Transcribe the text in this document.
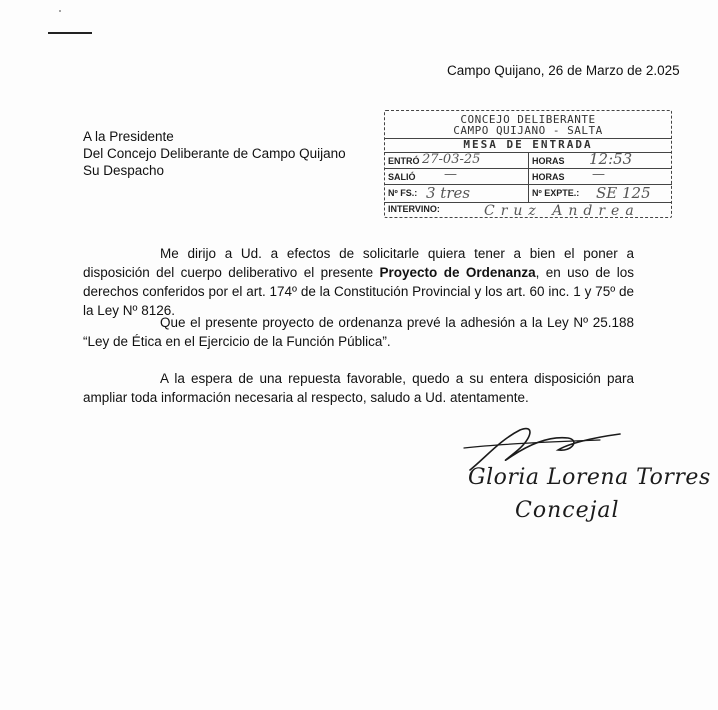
Campo Quijano, 26 de Marzo de 2.025
A la Presidente
Del Concejo Deliberante de Campo Quijano
Su Despacho
CONCEJO DELIBERANTE
CAMPO QUIJANO - SALTA
MESA DE ENTRADA
ENTRÓ 27-03-25	HORAS 12:53
SALIÓ —	HORAS —
Nº FS.: 3 tres	Nº EXPTE.: SE 125
INTERVINO:	Cruz Andrea
Me dirijo a Ud. a efectos de solicitarle quiera tener a bien el poner a disposición del cuerpo deliberativo el presente Proyecto de Ordenanza, en uso de los derechos conferidos por el art. 174º de la Constitución Provincial y los art. 60 inc. 1 y 75º de la Ley Nº 8126.
Que el presente proyecto de ordenanza prevé la adhesión a la Ley Nº 25.188 “Ley de Ética en el Ejercicio de la Función Pública”.
A la espera de una repuesta favorable, quedo a su entera disposición para ampliar toda información necesaria al respecto, saludo a Ud. atentamente.
Gloria Lorena Torres
Concejal
